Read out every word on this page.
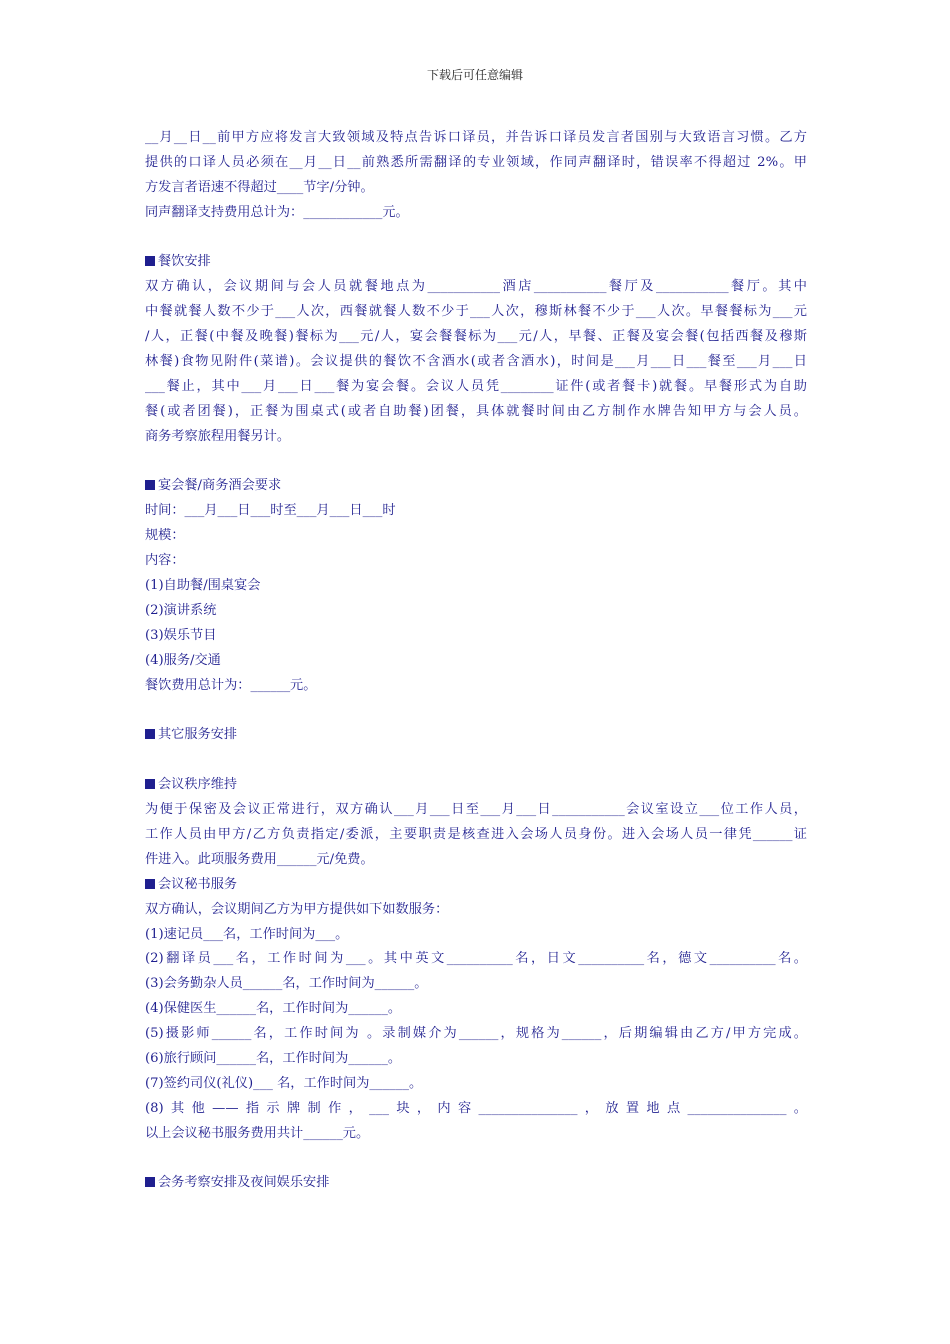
下载后可任意编辑
__月__日__前甲方应将发言大致领域及特点告诉口译员，并告诉口译员发言者国别与大致语言习惯。乙方
提供的口译人员必须在__月__日__前熟悉所需翻译的专业领域，作同声翻译时，错误率不得超过 2%。甲
方发言者语速不得超过____节字/分钟。
同声翻译支持费用总计为：____________元。
餐饮安排
双方确认，会议期间与会人员就餐地点为___________酒店___________餐厅及___________餐厅。其中
中餐就餐人数不少于___人次，西餐就餐人数不少于___人次，穆斯林餐不少于___人次。早餐餐标为___元
/人，正餐(中餐及晚餐)餐标为___元/人，宴会餐餐标为___元/人，早餐、正餐及宴会餐(包括西餐及穆斯
林餐)食物见附件(菜谱)。会议提供的餐饮不含酒水(或者含酒水)，时间是___月___日___餐至___月___日
___餐止，其中___月___日___餐为宴会餐。会议人员凭________证件(或者餐卡)就餐。早餐形式为自助
餐(或者团餐)，正餐为围桌式(或者自助餐)团餐，具体就餐时间由乙方制作水牌告知甲方与会人员。
商务考察旅程用餐另计。
宴会餐/商务酒会要求
时间：___月___日___时至___月___日___时
规模：
内容：
(1)自助餐/围桌宴会
(2)演讲系统
(3)娱乐节目
(4)服务/交通
餐饮费用总计为：______元。
其它服务安排
会议秩序维持
为便于保密及会议正常进行，双方确认___月___日至___月___日___________会议室设立___位工作人员，
工作人员由甲方/乙方负责指定/委派，主要职责是核查进入会场人员身份。进入会场人员一律凭______证
件进入。此项服务费用______元/免费。
会议秘书服务
双方确认，会议期间乙方为甲方提供如下如数服务：
(1)速记员___名，工作时间为___。
(2)翻译员___名，工作时间为___。其中英文__________名，日文__________名，德文__________名。
(3)会务勤杂人员______名，工作时间为______。
(4)保健医生______名，工作时间为______。
(5)摄影师______名，工作时间为 。录制媒介为______，规格为______，后期编辑由乙方/甲方完成。
(6)旅行顾问______名，工作时间为______。
(7)签约司仪(礼仪)___ 名，工作时间为______。
(8)其他——指示牌制作，___块，内容_______________，放置地点_______________。
以上会议秘书服务费用共计______元。
会务考察安排及夜间娱乐安排
